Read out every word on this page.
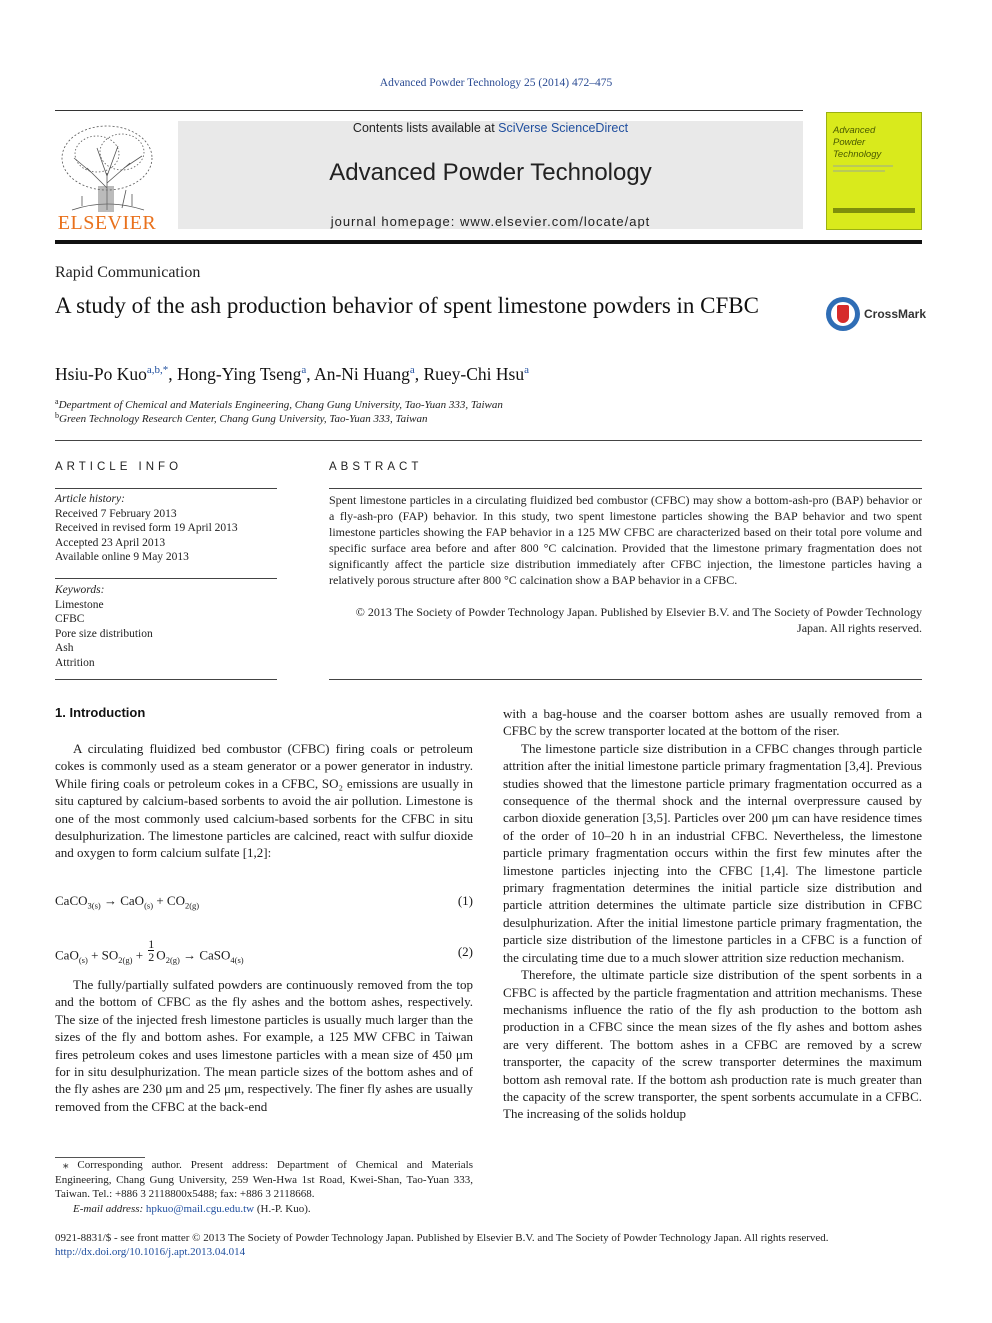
Advanced Powder Technology 25 (2014) 472–475
ELSEVIER
Contents lists available at SciVerse ScienceDirect
Advanced Powder Technology
journal homepage: www.elsevier.com/locate/apt
Advanced
Powder
Technology
Rapid Communication
A study of the ash production behavior of spent limestone powders in CFBC	CrossMark
Hsiu-Po Kuo$^{a,b,*}$, Hong-Ying Tseng$^a$, An-Ni Huang$^a$, Ruey-Chi Hsu$^a$
$^a$Department of Chemical and Materials Engineering, Chang Gung University, Tao-Yuan 333, Taiwan
$^b$Green Technology Research Center, Chang Gung University, Tao-Yuan 333, Taiwan
ARTICLE INFO
Article history:
Received 7 February 2013
Received in revised form 19 April 2013
Accepted 23 April 2013
Available online 9 May 2013
Keywords:
Limestone
CFBC
Pore size distribution
Ash
Attrition
ABSTRACT
Spent limestone particles in a circulating fluidized bed combustor (CFBC) may show a bottom-ash-pro (BAP) behavior or a fly-ash-pro (FAP) behavior. In this study, two spent limestone particles showing the BAP behavior and two spent limestone particles showing the FAP behavior in a 125 MW CFBC are characterized based on their total pore volume and specific surface area before and after 800 °C calcination. Provided that the limestone primary fragmentation does not significantly affect the particle size distribution immediately after CFBC injection, the limestone particles having a relatively porous structure after 800 °C calcination show a BAP behavior in a CFBC.
© 2013 The Society of Powder Technology Japan. Published by Elsevier B.V. and The Society of Powder Technology Japan. All rights reserved.
1. Introduction

A circulating fluidized bed combustor (CFBC) firing coals or petroleum cokes is commonly used as a steam generator or a power generator in industry. While firing coals or petroleum cokes in a CFBC, SO₂ emissions are usually in situ captured by calcium-based sorbents to avoid the air pollution. Limestone is one of the most commonly used calcium-based sorbents for the CFBC in situ desulphurization. The limestone particles are calcined, react with sulfur dioxide and oxygen to form calcium sulfate [1,2]:

CaCO$_{3(s)}$ → $CaO_{(s)} + CO_{2(g)}$	(1)
$CaO_{(s)} + SO_{2(g)} + \frac{1}{2} O_{2(g)}$ → CaSO$_{4(s)}$
(2)

The fully/partially sulfated powders are continuously removed from the top and the bottom of CFBC as the fly ashes and the bottom ashes, respectively. The size of the injected fresh limestone particles is usually much larger than the sizes of the fly and bottom ashes. For example, a 125 MW CFBC in Taiwan fires petroleum cokes and uses limestone particles with a mean size of 450 μm for in situ desulphurization. The mean particle sizes of the bottom ashes and of the fly ashes are 230 μm and 25 μm, respectively. The finer fly ashes are usually removed from the CFBC at the back-end

with a bag-house and the coarser bottom ashes are usually removed from a CFBC by the screw transporter located at the bottom of the riser.

The limestone particle size distribution in a CFBC changes through particle attrition after the initial limestone particle primary fragmentation [3,4]. Previous studies showed that the limestone particle primary fragmentation occurred as a consequence of the thermal shock and the internal overpressure caused by carbon dioxide generation [3,5]. Particles over 200 μm can have residence times of the order of 10–20 h in an industrial CFBC. Nevertheless, the limestone particle primary fragmentation occurs within the first few minutes after the limestone particles injecting into the CFBC [1,4]. The limestone particle primary fragmentation determines the initial particle size distribution and particle attrition determines the ultimate particle size distribution in CFBC desulphurization. After the initial limestone particle primary fragmentation, the particle size distribution of the limestone particles in a CFBC is a function of the circulating time due to a much slower attrition size reduction mechanism.

Therefore, the ultimate particle size distribution of the spent sorbents in a CFBC is affected by the particle fragmentation and attrition mechanisms. These mechanisms influence the ratio of the fly ash production to the bottom ash production in a CFBC since the mean sizes of the fly ashes and bottom ashes are very different. The bottom ashes in a CFBC are removed by a screw transporter, the capacity of the screw transporter determines the maximum bottom ash removal rate. If the bottom ash production rate is much greater than the capacity of the screw transporter, the spent sorbents accumulate in a CFBC. The increasing of the solids holdup

⁎ Corresponding author. Present address: Department of Chemical and Materials Engineering, Chang Gung University, 259 Wen-Hwa 1st Road, Kwei-Shan, Tao-Yuan 333, Taiwan. Tel.: +886 3 2118800x5488; fax: +886 3 2118668.
E-mail address: hpkuo@mail.cgu.edu.tw (H.-P. Kuo).
0921-8831/$ - see front matter © 2013 The Society of Powder Technology Japan. Published by Elsevier B.V. and The Society of Powder Technology Japan. All rights reserved.
http://dx.doi.org/10.1016/j.apt.2013.04.014
